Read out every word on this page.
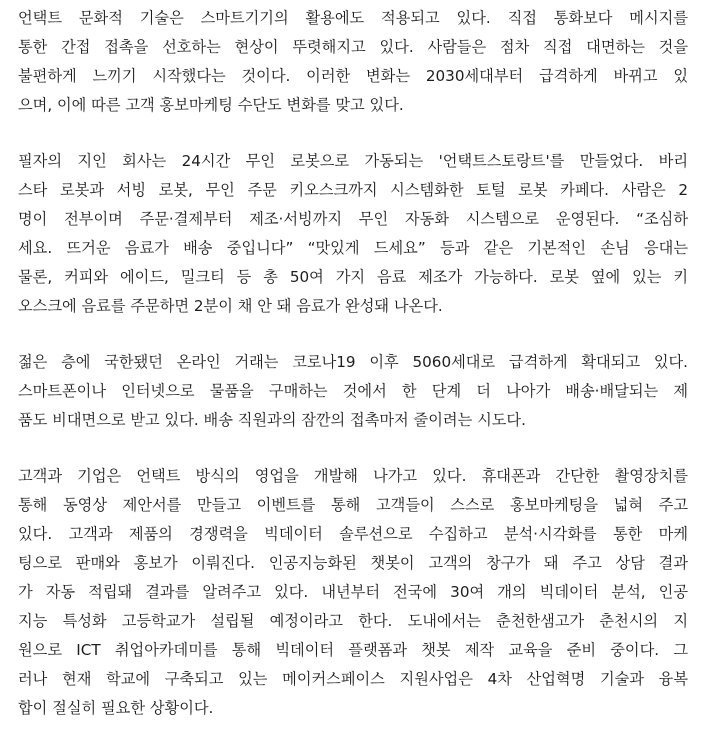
언택트 문화적 기술은 스마트기기의 활용에도 적용되고 있다. 직접 통화보다 메시지를
통한 간접 접촉을 선호하는 현상이 뚜렷해지고 있다. 사람들은 점차 직접 대면하는 것을
불편하게 느끼기 시작했다는 것이다. 이러한 변화는 2030세대부터 급격하게 바뀌고 있
으며, 이에 따른 고객 홍보마케팅 수단도 변화를 맞고 있다.
필자의 지인 회사는 24시간 무인 로봇으로 가동되는 '언택트스토랑트'를 만들었다. 바리
스타 로봇과 서빙 로봇, 무인 주문 키오스크까지 시스템화한 토털 로봇 카페다. 사람은 2
명이 전부이며 주문·결제부터 제조·서빙까지 무인 자동화 시스템으로 운영된다. “조심하
세요. 뜨거운 음료가 배송 중입니다” “맛있게 드세요” 등과 같은 기본적인 손님 응대는
물론, 커피와 에이드, 밀크티 등 총 50여 가지 음료 제조가 가능하다. 로봇 옆에 있는 키
오스크에 음료를 주문하면 2분이 채 안 돼 음료가 완성돼 나온다.
젊은 층에 국한됐던 온라인 거래는 코로나19 이후 5060세대로 급격하게 확대되고 있다.
스마트폰이나 인터넷으로 물품을 구매하는 것에서 한 단계 더 나아가 배송·배달되는 제
품도 비대면으로 받고 있다. 배송 직원과의 잠깐의 접촉마저 줄이려는 시도다.
고객과 기업은 언택트 방식의 영업을 개발해 나가고 있다. 휴대폰과 간단한 촬영장치를
통해 동영상 제안서를 만들고 이벤트를 통해 고객들이 스스로 홍보마케팅을 넓혀 주고
있다. 고객과 제품의 경쟁력을 빅데이터 솔루션으로 수집하고 분석·시각화를 통한 마케
팅으로 판매와 홍보가 이뤄진다. 인공지능화된 챗봇이 고객의 창구가 돼 주고 상담 결과
가 자동 적립돼 결과를 알려주고 있다. 내년부터 전국에 30여 개의 빅데이터 분석, 인공
지능 특성화 고등학교가 설립될 예정이라고 한다. 도내에서는 춘천한샘고가 춘천시의 지
원으로 ICT 취업아카데미를 통해 빅데이터 플랫폼과 챗봇 제작 교육을 준비 중이다. 그
러나 현재 학교에 구축되고 있는 메이커스페이스 지원사업은 4차 산업혁명 기술과 융복
합이 절실히 필요한 상황이다.
